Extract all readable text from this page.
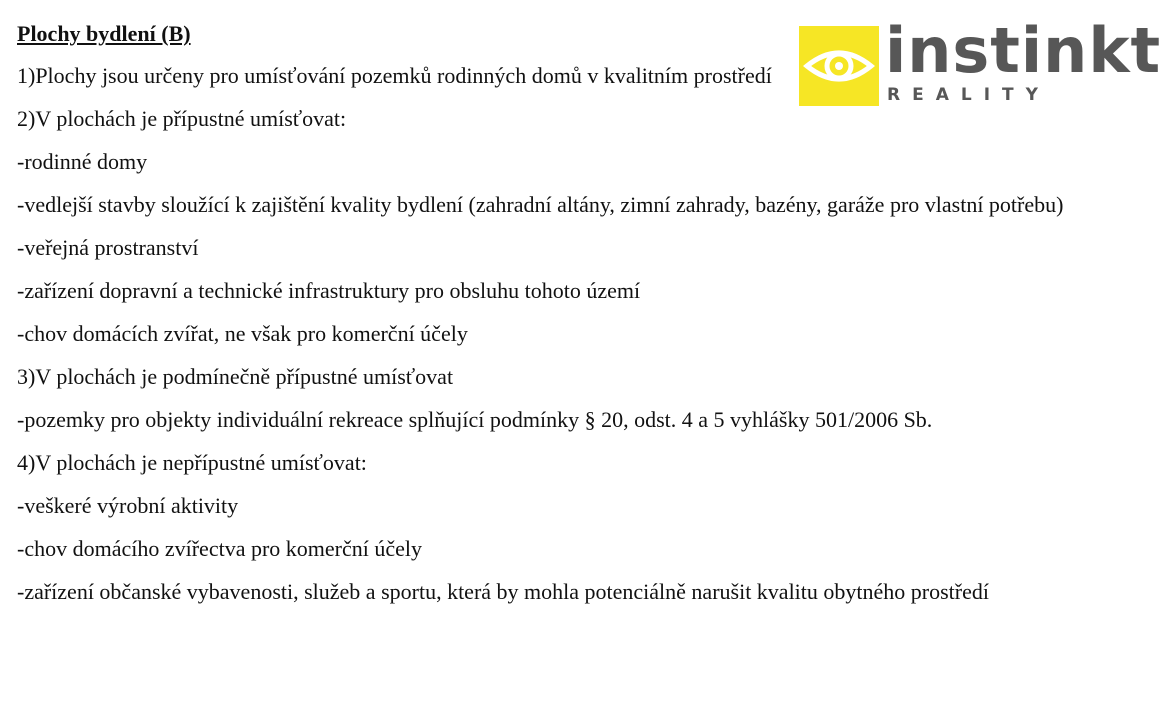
Plochy bydlení (B)

1)Plochy jsou určeny pro umísťování pozemků rodinných domů v kvalitním prostředí

2)V plochách je přípustné umísťovat:

-rodinné domy

-vedlejší stavby sloužící k zajištění kvality bydlení (zahradní altány, zimní zahrady, bazény, garáže pro vlastní potřebu)

-veřejná prostranství

-zařízení dopravní a technické infrastruktury pro obsluhu tohoto území

-chov domácích zvířat, ne však pro komerční účely

3)V plochách je podmínečně přípustné umísťovat

-pozemky pro objekty individuální rekreace splňující podmínky § 20, odst. 4 a 5 vyhlášky 501/2006 Sb.

4)V plochách je nepřípustné umísťovat:

-veškeré výrobní aktivity

-chov domácího zvířectva pro komerční účely

-zařízení občanské vybavenosti, služeb a sportu, která by mohla potenciálně narušit kvalitu obytného prostředí

instinkt
REALITY
